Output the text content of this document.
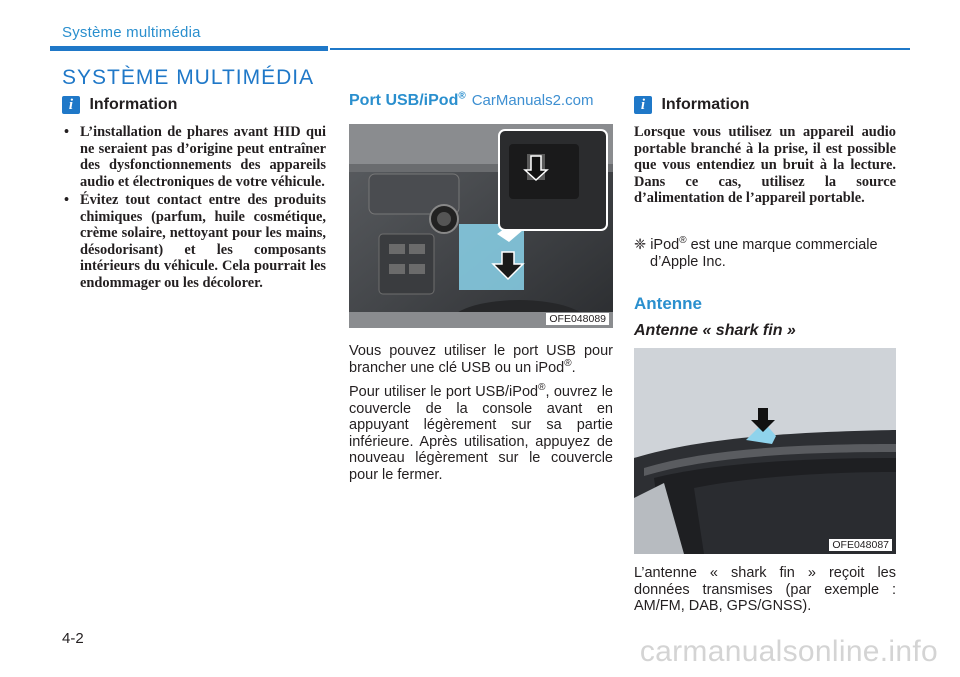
Système multimédia
SYSTÈME MULTIMÉDIA
i Information
• L’installation de phares avant HID qui ne seraient pas d’origine peut entraîner des dysfonctionnements des appareils audio et électroniques de votre véhicule.
• Évitez tout contact entre des produits chimiques (parfum, huile cosmétique, crème solaire, nettoyant pour les mains, désodorisant) et les composants intérieurs du véhicule. Cela pourrait les endommager ou les décolorer.
Port USB/iPod® CarManuals2.com
OFE048089

Vous pouvez utiliser le port USB pour brancher une clé USB ou un iPod®.

Pour utiliser le port USB/iPod®, ouvrez le couvercle de la console avant en appuyant légèrement sur sa partie inférieure. Après utilisation, appuyez de nouveau légèrement sur le couvercle pour le fermer.

i Information
Lorsque vous utilisez un appareil audio portable branché à la prise, il est possible que vous entendiez un bruit à la lecture. Dans ce cas, utilisez la source d’alimentation de l’appareil portable.
❈ iPod® est une marque commerciale d’Apple Inc.
Antenne
Antenne « shark fin »
OFE048087
L’antenne « shark fin » reçoit les données transmises (par exemple : AM/FM, DAB, GPS/GNSS).
4-2	carmanualsonline.info
